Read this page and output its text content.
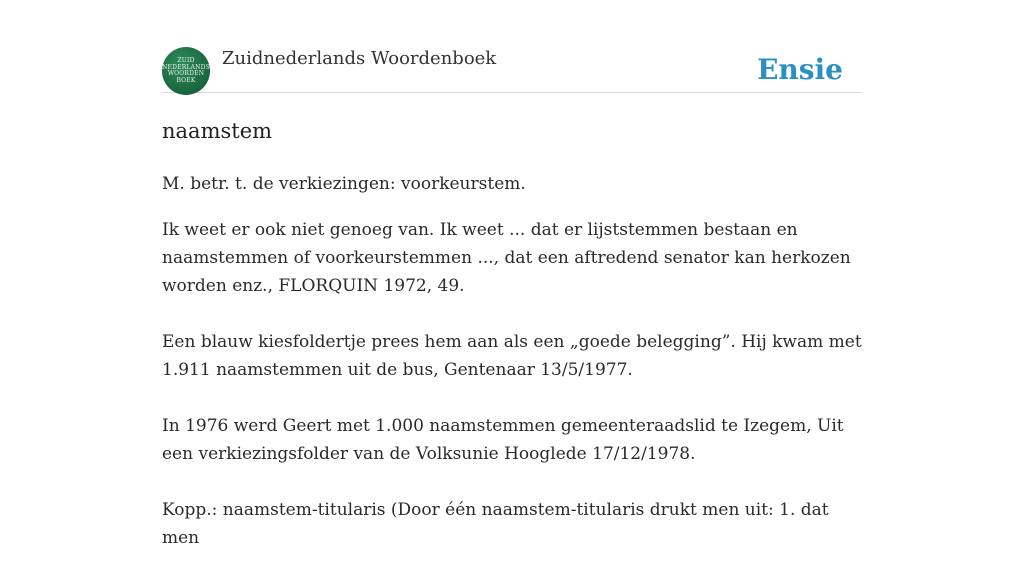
ZUID
NEDERLANDS
WOORDEN
BOEK
Zuidnederlands Woordenboek	Ensie
naamstem

M. betr. t. de verkiezingen: voorkeurstem.

Ik weet er ook niet genoeg van. Ik weet ... dat er lijststemmen bestaan en naamstemmen of voorkeurstemmen ..., dat een aftredend senator kan herkozen worden enz., FLORQUIN 1972, 49.

Een blauw kiesfoldertje prees hem aan als een „goede belegging”. Hij kwam met 1.911 naamstemmen uit de bus, Gentenaar 13/5/1977.

In 1976 werd Geert met 1.000 naamstemmen gemeenteraadslid te Izegem, Uit een verkiezingsfolder van de Volksunie Hooglede 17/12/1978.

Kopp.: naamstem-titularis (Door één naamstem-titularis drukt men uit: 1. dat men
